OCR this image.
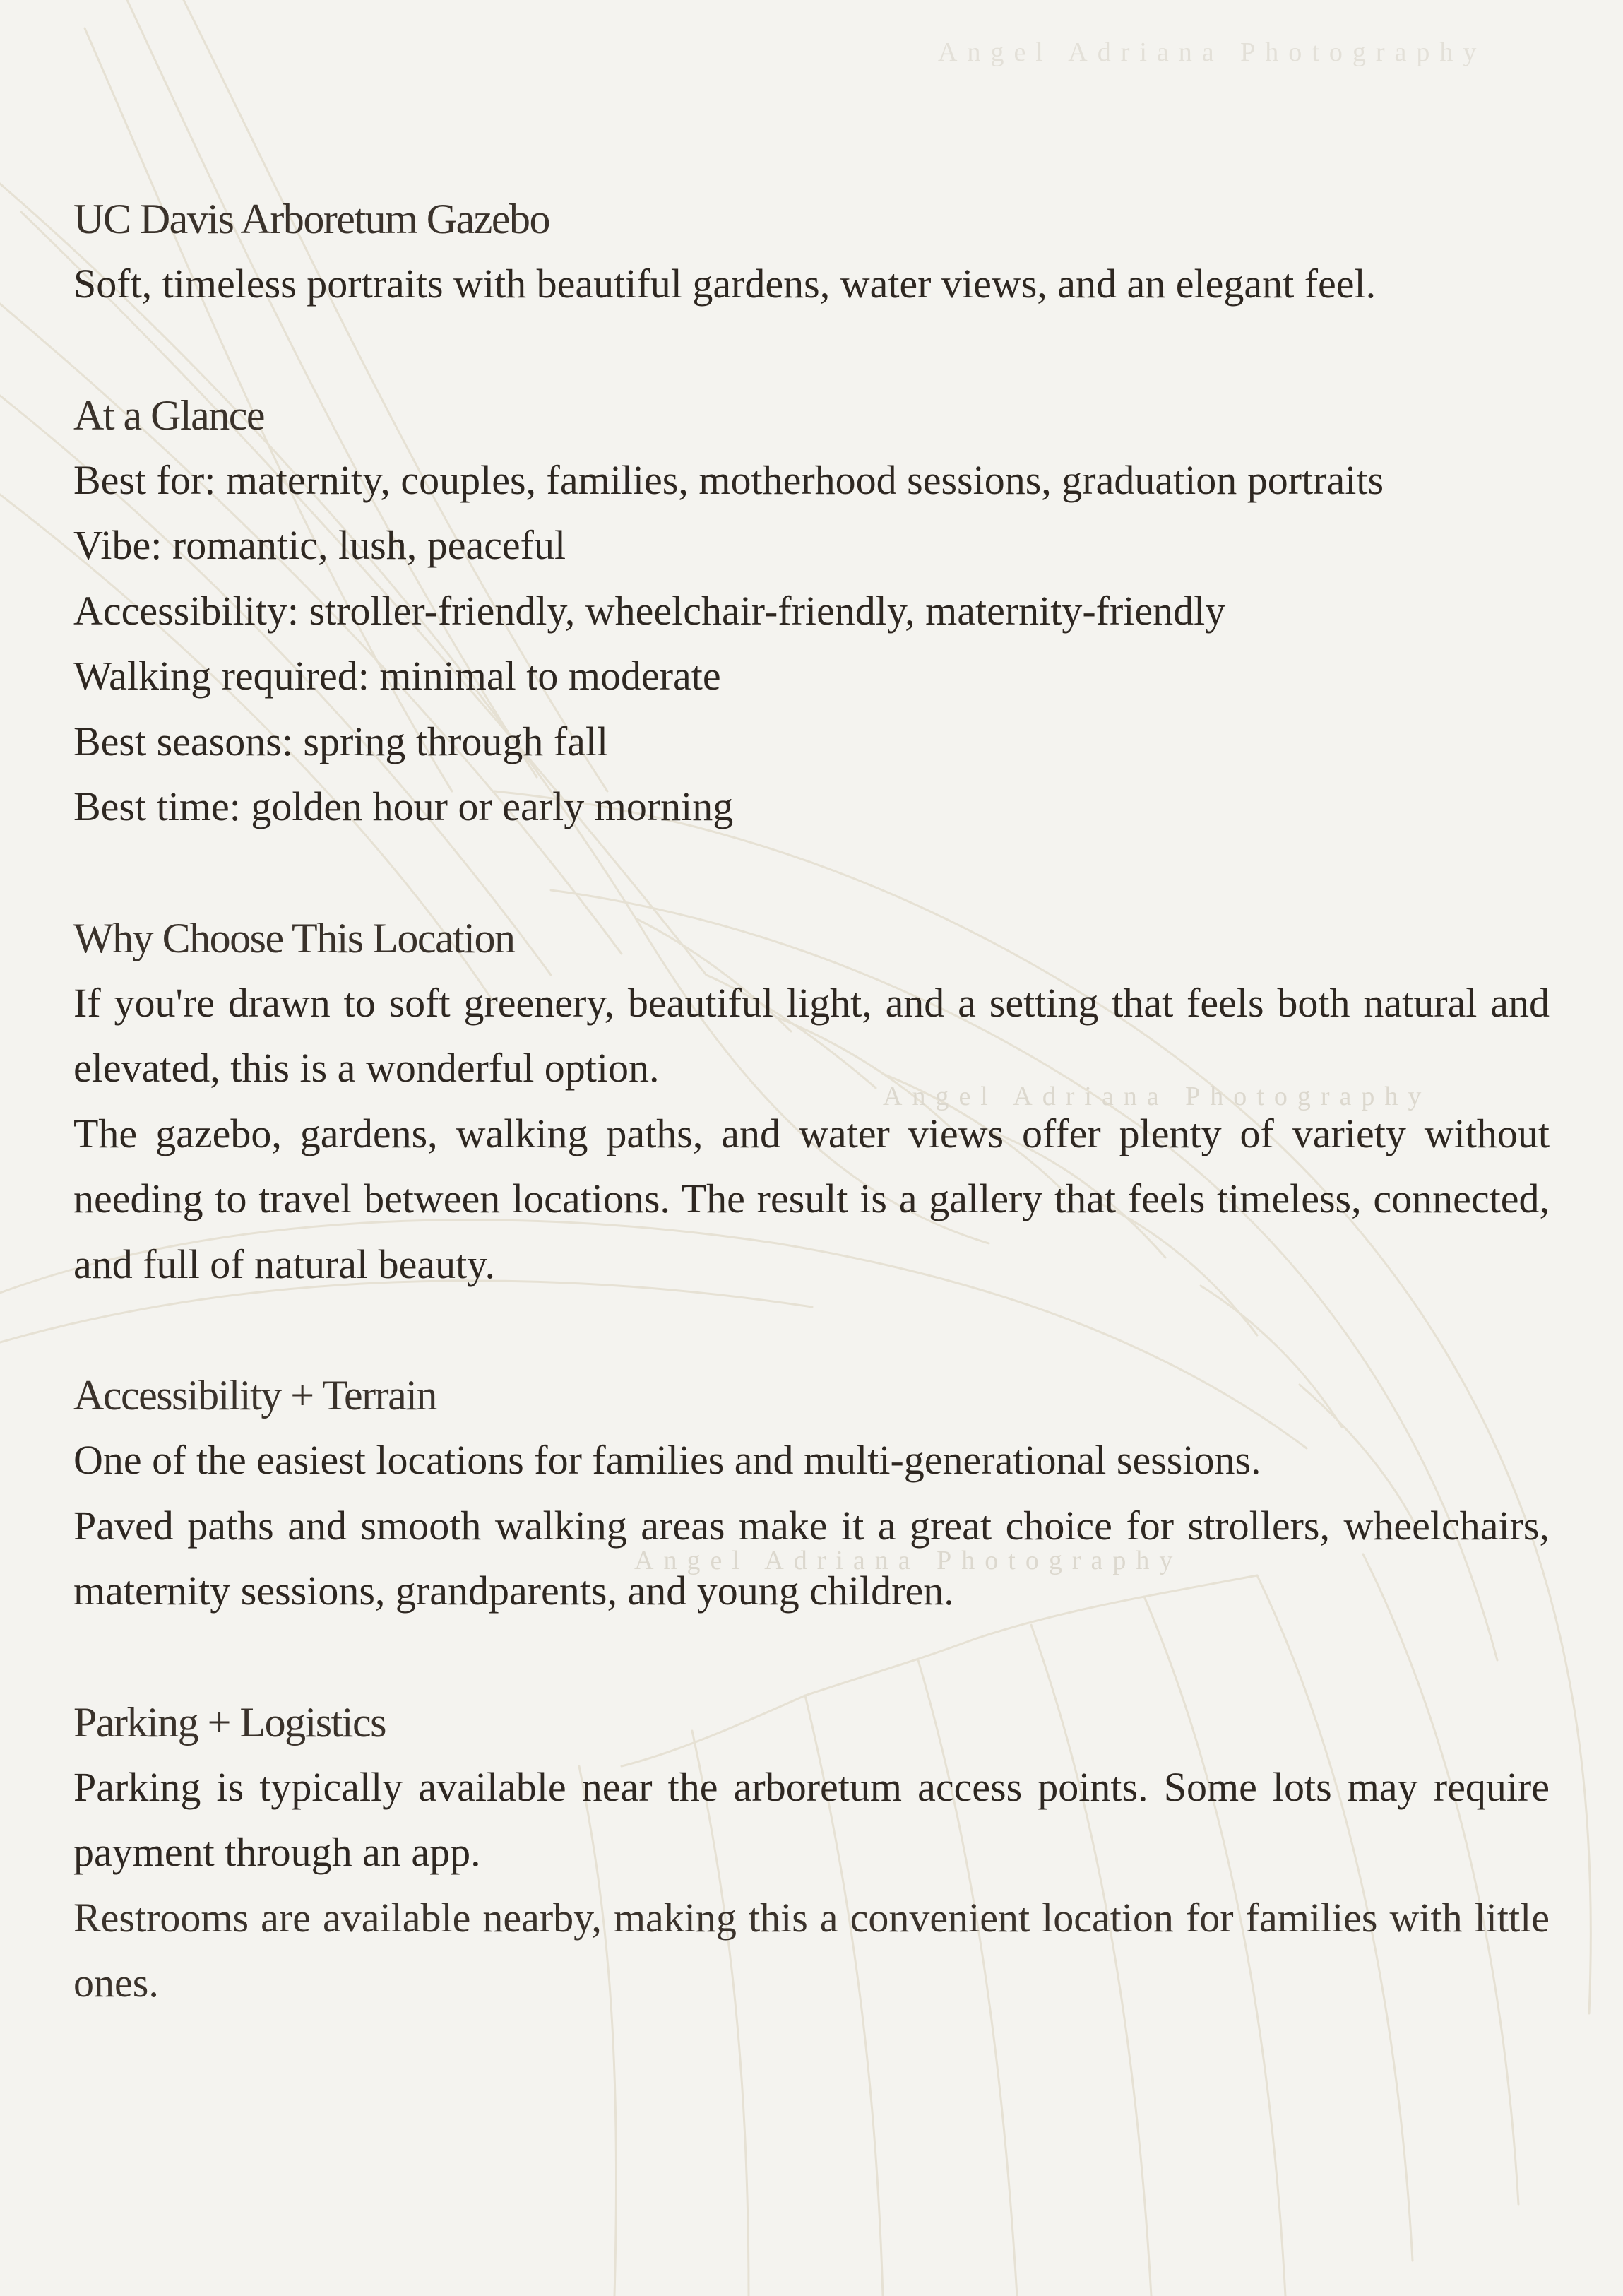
Angel Adriana Photography
Angel Adriana Photography
Angel Adriana Photography
UC Davis Arboretum Gazebo

Soft, timeless portraits with beautiful gardens, water views, and an elegant feel.

At a Glance

Best for: maternity, couples, families, motherhood sessions, graduation portraits

Vibe: romantic, lush, peaceful

Accessibility: stroller-friendly, wheelchair-friendly, maternity-friendly

Walking required: minimal to moderate

Best seasons: spring through fall

Best time: golden hour or early morning

Why Choose This Location

If you're drawn to soft greenery, beautiful light, and a setting that feels both natural and elevated, this is a wonderful option.

The gazebo, gardens, walking paths, and water views offer plenty of variety without needing to travel between locations. The result is a gallery that feels timeless, connected, and full of natural beauty.

Accessibility + Terrain

One of the easiest locations for families and multi-generational sessions.

Paved paths and smooth walking areas make it a great choice for strollers, wheelchairs, maternity sessions, grandparents, and young children.

Parking + Logistics

Parking is typically available near the arboretum access points. Some lots may require payment through an app.

Restrooms are available nearby, making this a convenient location for families with little ones.
